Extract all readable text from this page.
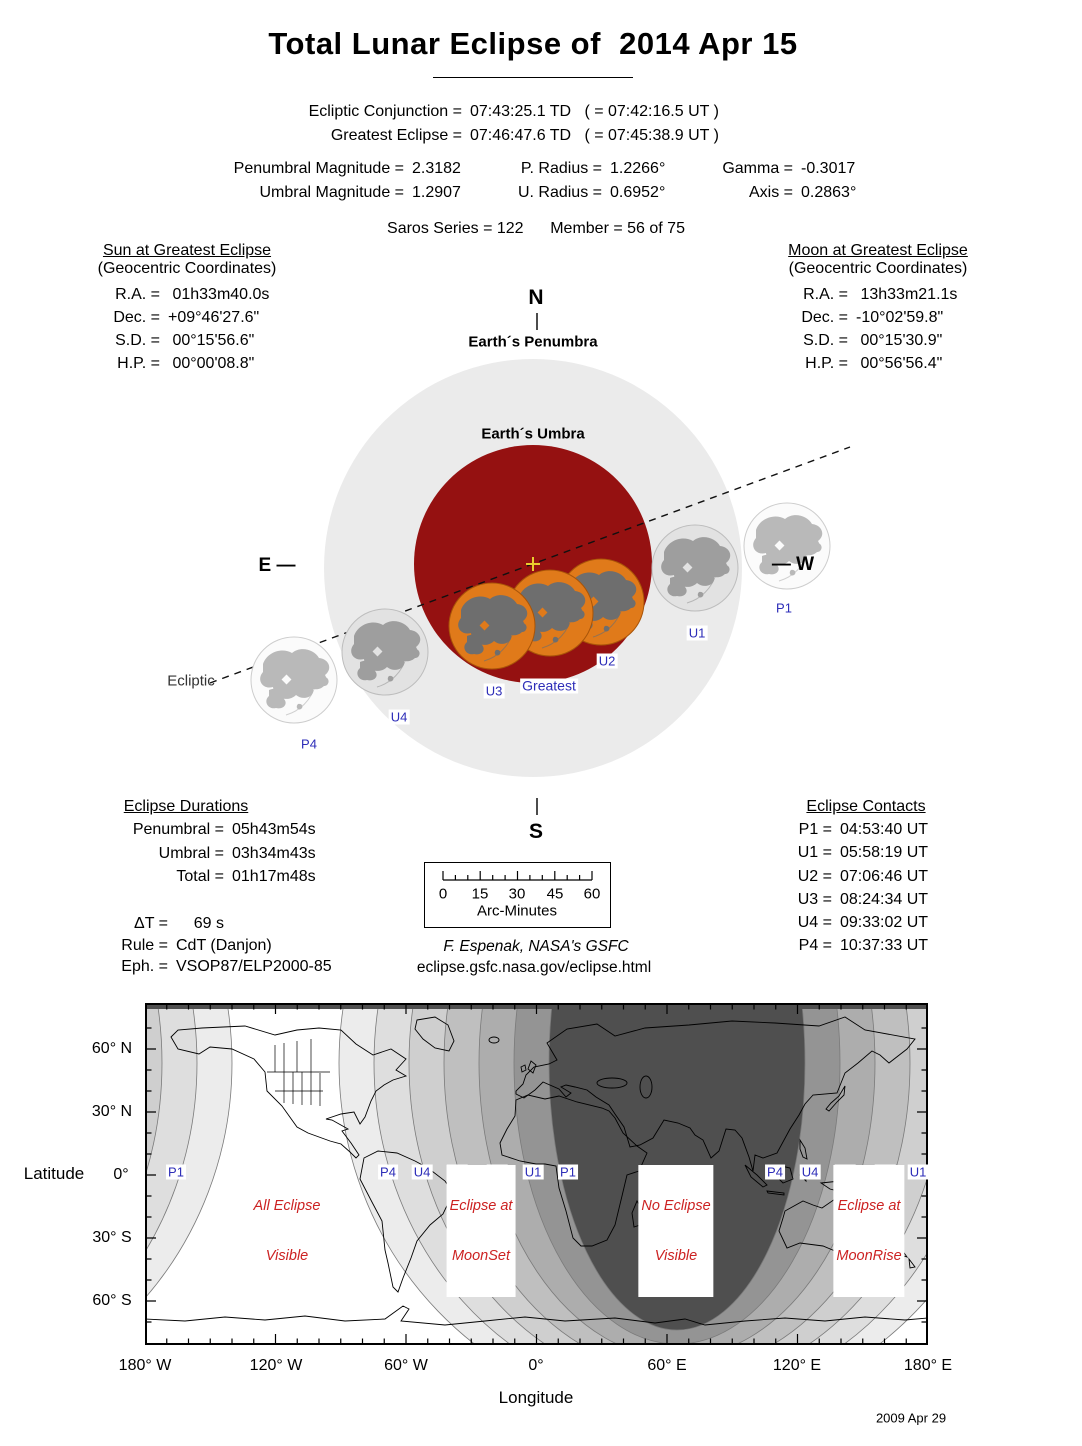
Total Lunar Eclipse of  2014 Apr 15
Ecliptic Conjunction = 07:43:25.1 TD   ( = 07:42:16.5 UT )
Greatest Eclipse = 07:46:47.6 TD   ( = 07:45:38.9 UT )
Penumbral Magnitude = 2.3182
Umbral Magnitude = 1.2907
P. Radius = 1.2266°
U. Radius = 0.6952°
Gamma = -0.3017
Axis = 0.2863°
Saros Series = 122      Member = 56 of 75
Sun at Greatest Eclipse
(Geocentric Coordinates)
R.A. = 01h33m40.0s
Dec. = +09°46'27.6"
S.D. = 00°15'56.6"
H.P. = 00°00'08.8"
Moon at Greatest Eclipse
(Geocentric Coordinates)
R.A. = 13h33m21.1s
Dec. = -10°02'59.8"
S.D. = 00°15'30.9"
H.P. = 00°56'56.4"
N
Earth´s Penumbra
Earth´s Umbra
E —	— W
Ecliptic
S
P1
U1
U2
Greatest
U3
U4
P4
Eclipse Durations
Penumbral = 05h43m54s
Umbral = 03h34m43s
Total = 01h17m48s
ΔT = 69 s
Rule = CdT (Danjon)
Eph. = VSOP87/ELP2000-85
Eclipse Contacts
P1 = 04:53:40 UT
U1 = 05:58:19 UT
U2 = 07:06:46 UT
U3 = 08:24:34 UT
U4 = 09:33:02 UT
P4 = 10:37:33 UT
0 15 30 45 60
Arc-Minutes
F. Espenak, NASA's GSFC
eclipse.gsfc.nasa.gov/eclipse.html
Latitude
60° N
30° N
0°
30° S
60° S
180° W	120° W	60° W	0°	60° E	120° E	180° E
Longitude
P1	P4 U4	U1 P1	P4 U4	U1

All Eclipse

Visible

Eclipse at

MoonSet

No Eclipse

Visible

Eclipse at

MoonRise

2009 Apr 29
